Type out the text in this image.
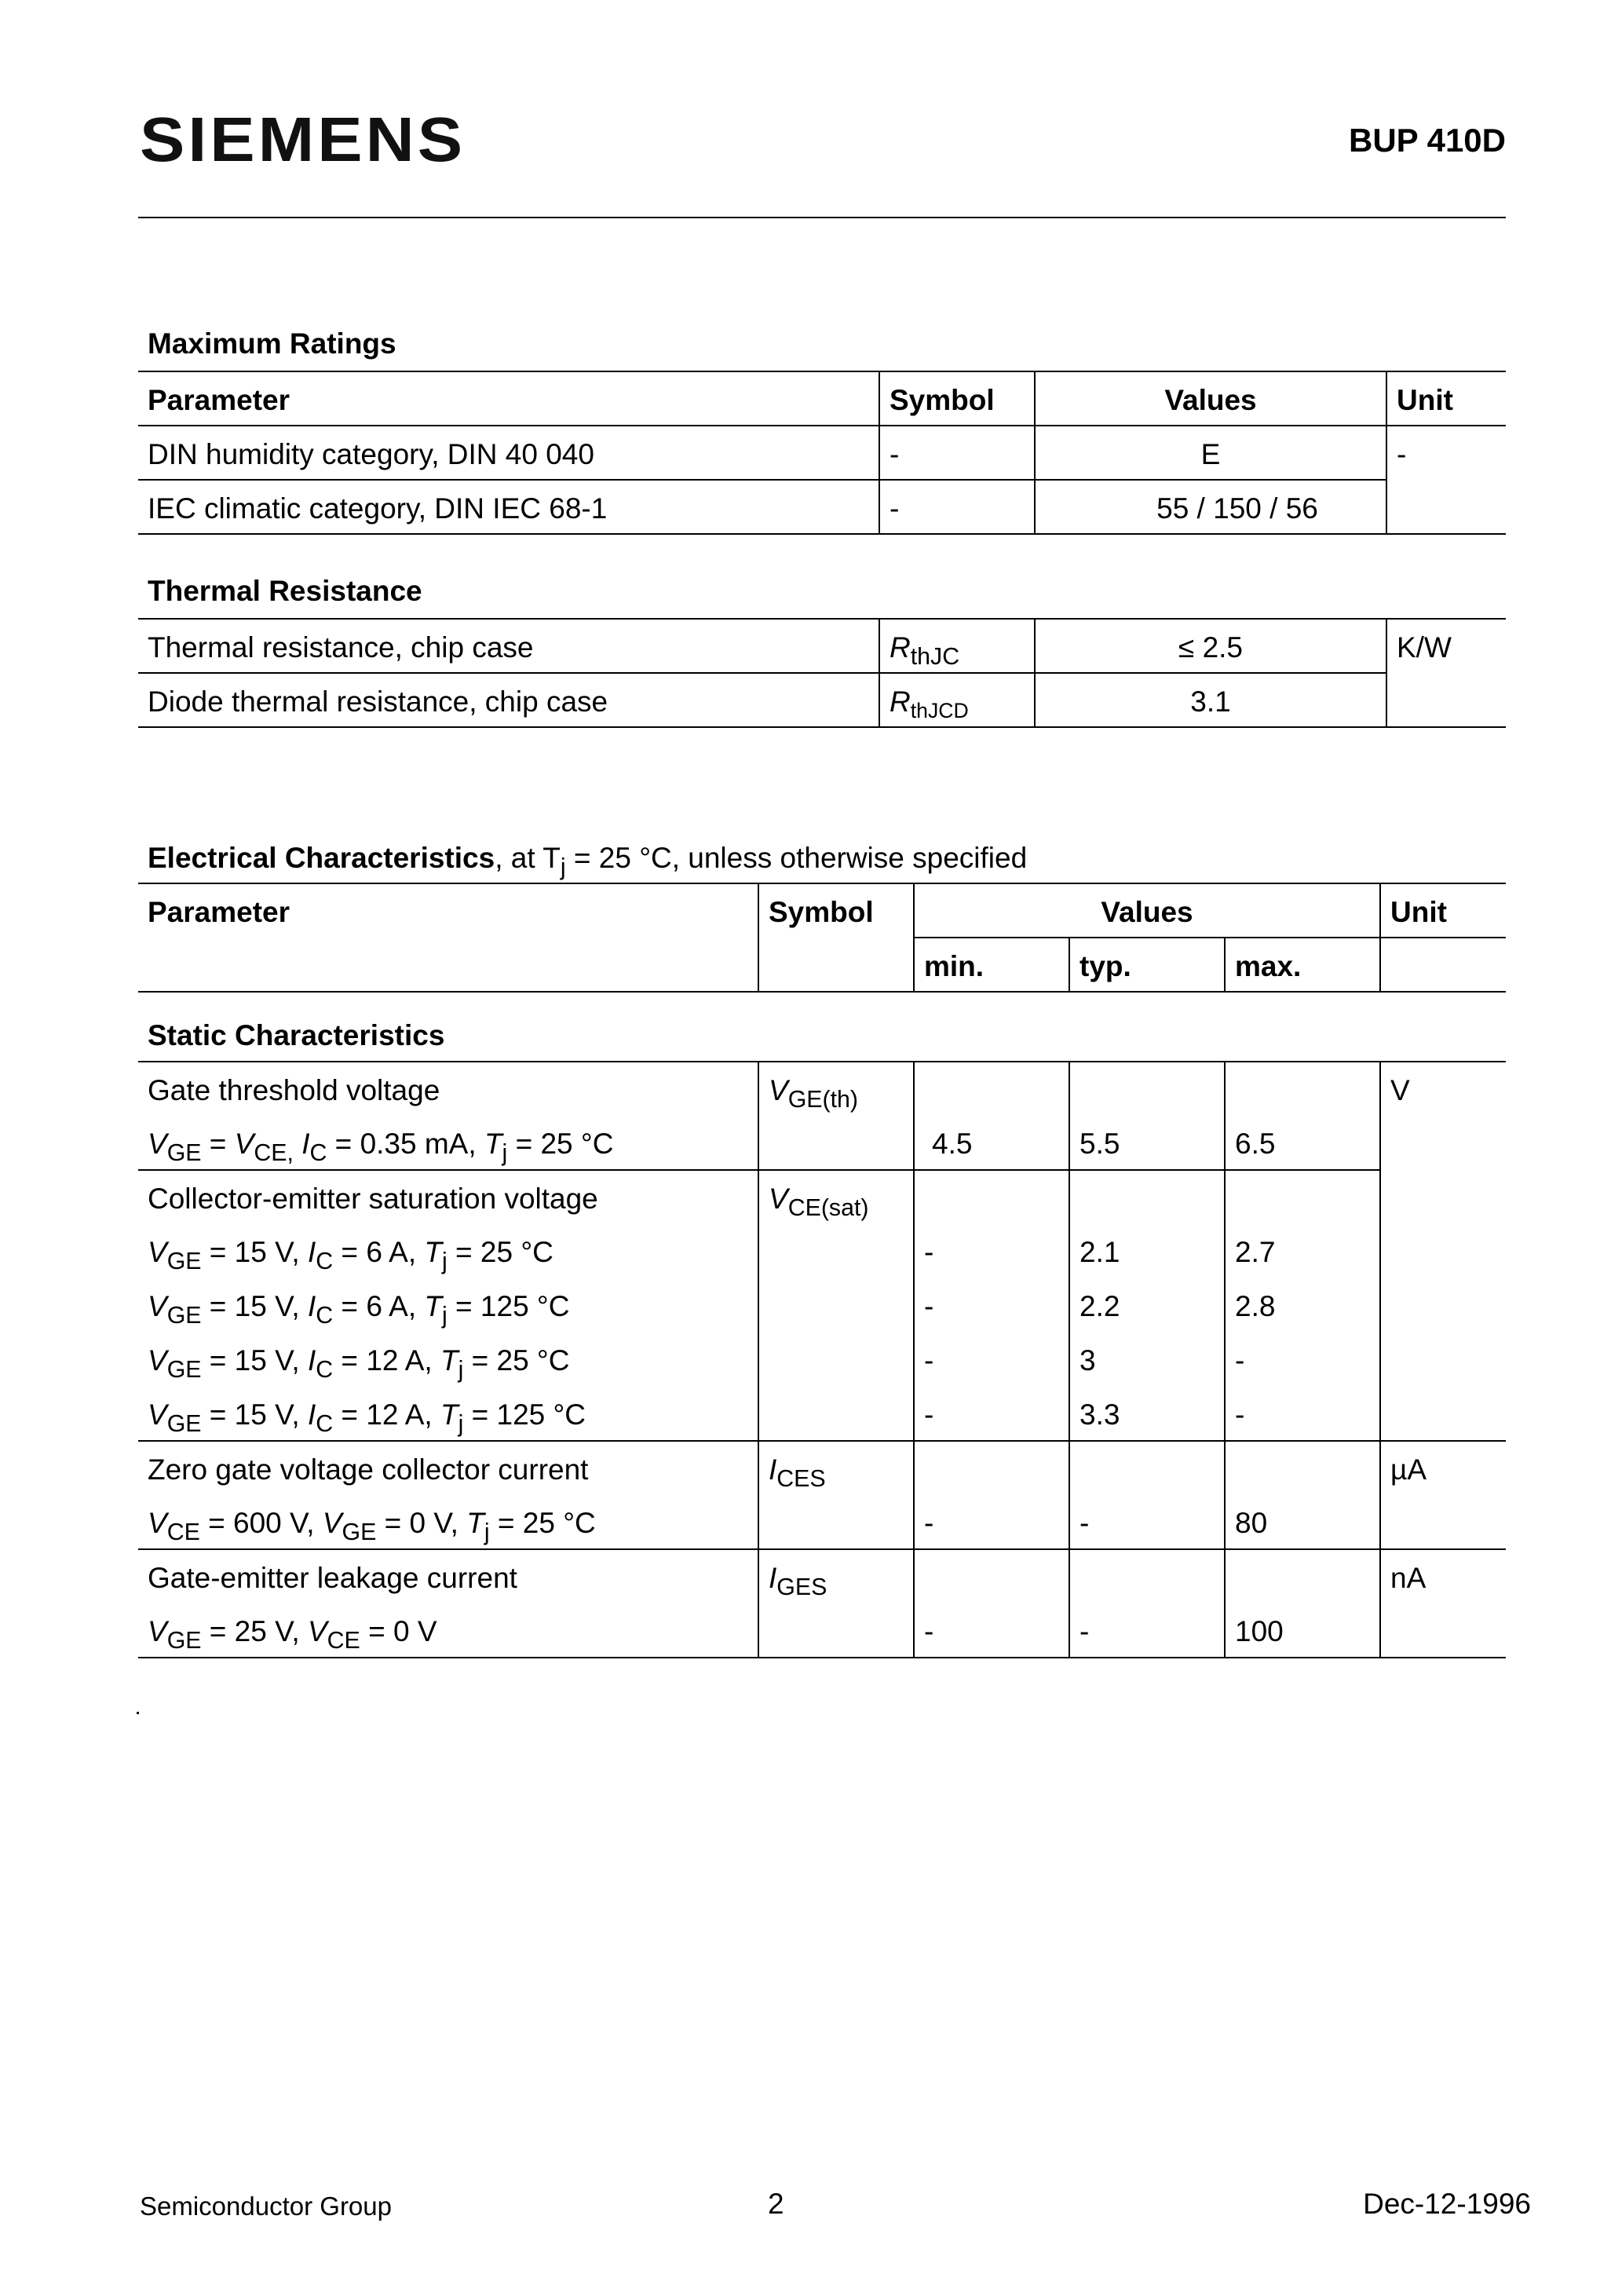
SIEMENS	BUP 410D
Maximum Ratings
Parameter	Symbol	Values	Unit
DIN humidity category, DIN 40 040	-	E	-
IEC climatic category, DIN IEC 68-1	-	55 / 150 / 56	
Thermal Resistance
Thermal resistance, chip case	$R_{thJC}$	≤ 2.5	K/W
Diode thermal resistance, chip case	$R_{thJCD}$	3.1	
Electrical Characteristics, at $T_j = 25$ °C, unless otherwise specified
Parameter	Symbol	Values			Unit
		min.	typ.	max.	
Static Characteristics					
Gate threshold voltage	$V_{GE(th)}$				V
$V_{GE} = V_{CE,}$ $I_C = 0.35$ mA, $T_j = 25$ °C		4.5	5.5	6.5	
Collector-emitter saturation voltage	$V_{CE(sat)}$			
$V_{GE} = 15$ V, $I_C = 6$ A, $T_j = 25$ °C		-	2.1	2.7	
$V_{GE} = 15$ V, $I_C = 6$ A, $T_j = 125$ °C		-	2.2	2.8	
$V_{GE} = 15$ V, $I_C = 12$ A, $T_j = 25$ °C		-	3	-	
$V_{GE} = 15$ V, $I_C = 12$ A, $T_j = 125$ °C		-	3.3	-	
Zero gate voltage collector current	$I_{CES}$				µA
$V_{CE} = 600$ V, $V_{GE} = 0$ V, $T_j = 25$ °C		-	-	80	
Gate-emitter leakage current	$I_{GES}$				nA
$V_{GE} = 25$ V, $V_{CE} = 0$ V		-	-	100	
Semiconductor Group	2	Dec-12-1996
